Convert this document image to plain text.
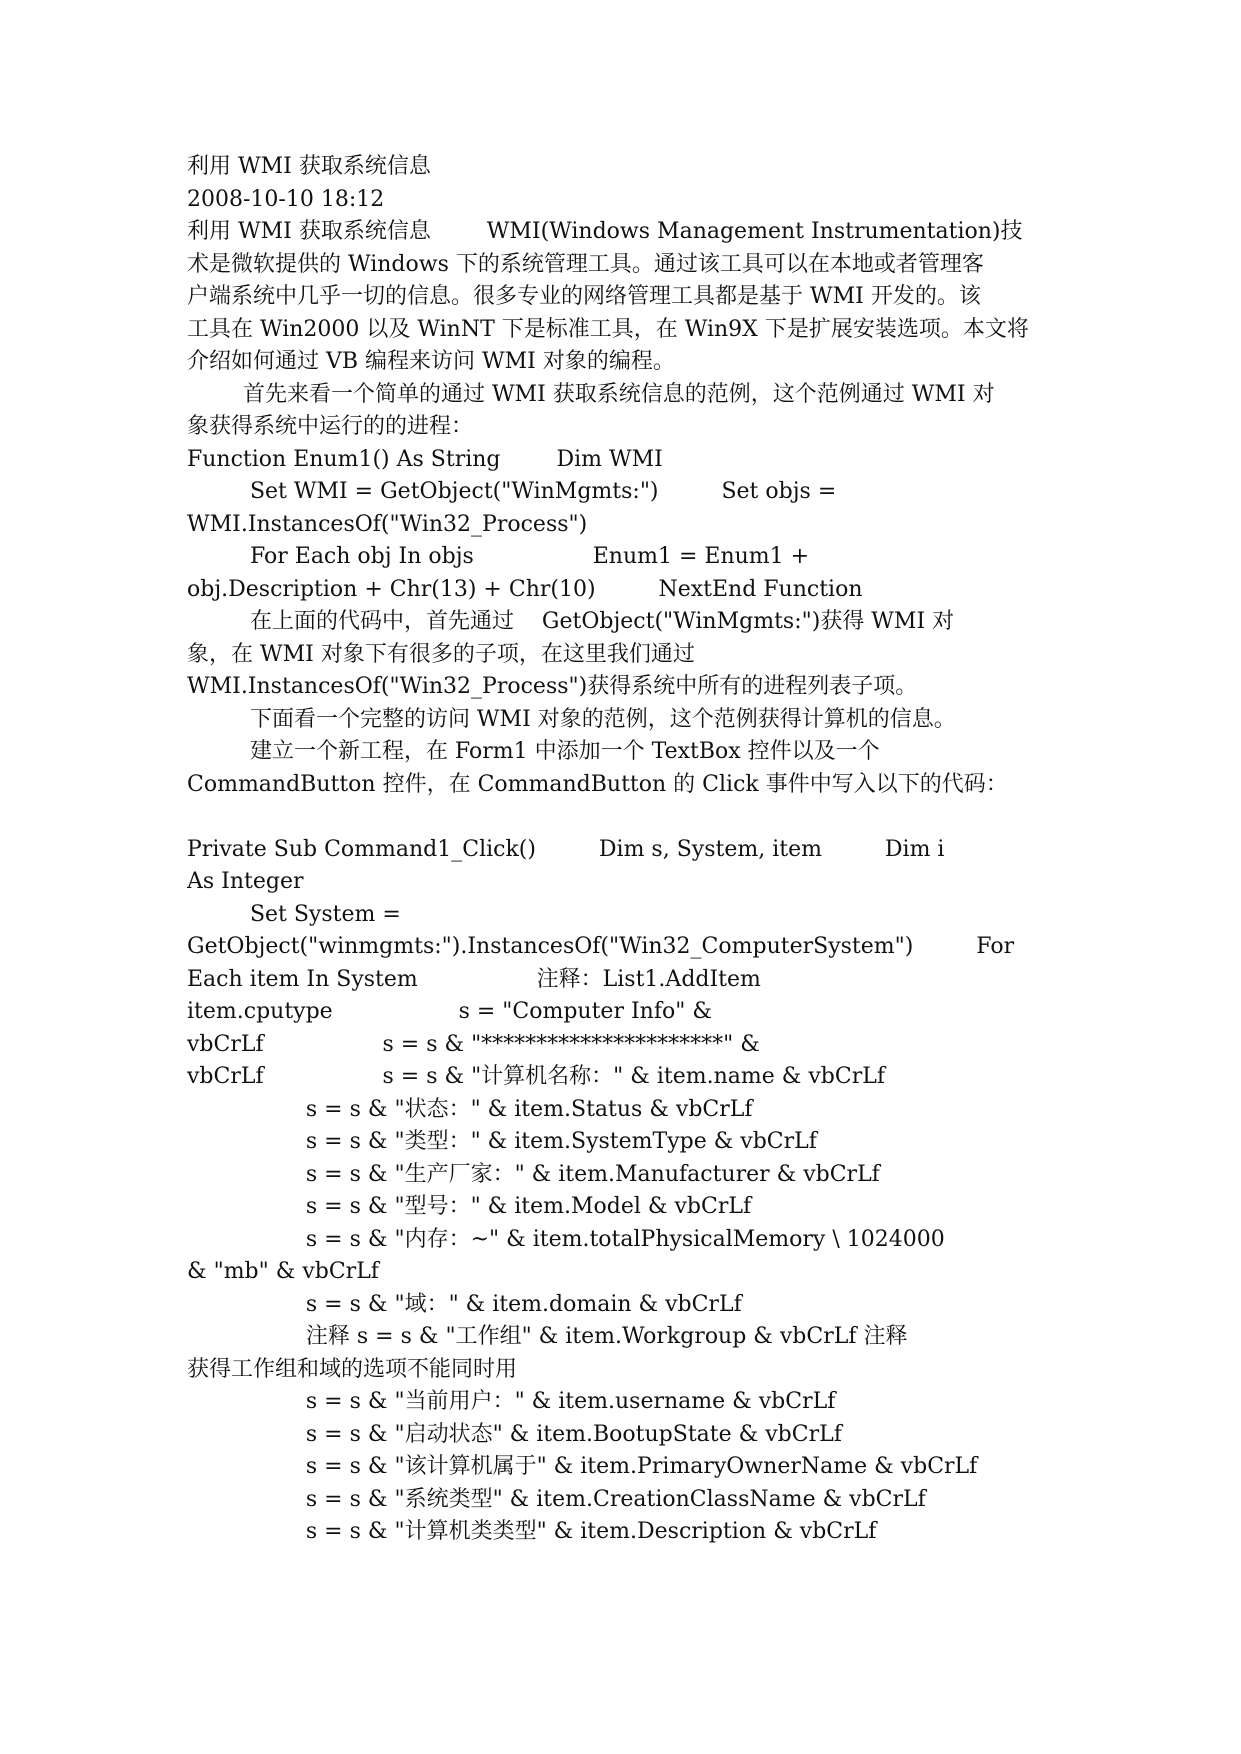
利用 WMI 获取系统信息
2008-10-10 18:12
利用 WMI 获取系统信息        WMI(Windows Management Instrumentation)技
术是微软提供的 Windows 下的系统管理工具。通过该工具可以在本地或者管理客
户端系统中几乎一切的信息。很多专业的网络管理工具都是基于 WMI 开发的。该
工具在 Win2000 以及 WinNT 下是标准工具，在 Win9X 下是扩展安装选项。本文将
介绍如何通过 VB 编程来访问 WMI 对象的编程。
首先来看一个简单的通过 WMI 获取系统信息的范例，这个范例通过 WMI 对
象获得系统中运行的的进程：
Function Enum1() As String        Dim WMI
Set WMI = GetObject("WinMgmts:")         Set objs =
WMI.InstancesOf("Win32_Process")
For Each obj In objs                 Enum1 = Enum1 +
obj.Description + Chr(13) + Chr(10)         NextEnd Function
在上面的代码中，首先通过    GetObject("WinMgmts:")获得 WMI 对
象，在 WMI 对象下有很多的子项，在这里我们通过
WMI.InstancesOf("Win32_Process")获得系统中所有的进程列表子项。
下面看一个完整的访问 WMI 对象的范例，这个范例获得计算机的信息。
建立一个新工程，在 Form1 中添加一个 TextBox 控件以及一个
CommandButton 控件，在 CommandButton 的 Click 事件中写入以下的代码：
Private Sub Command1_Click()         Dim s, System, item         Dim i
As Integer
Set System =
GetObject("winmgmts:").InstancesOf("Win32_ComputerSystem")         For
Each item In System                 注释：List1.AddItem
item.cputype                  s = "Computer Info" &
vbCrLf                 s = s & "**********************" &
vbCrLf                 s = s & "计算机名称：" & item.name & vbCrLf
s = s & "状态：" & item.Status & vbCrLf
s = s & "类型：" & item.SystemType & vbCrLf
s = s & "生产厂家：" & item.Manufacturer & vbCrLf
s = s & "型号：" & item.Model & vbCrLf
s = s & "内存：~" & item.totalPhysicalMemory \ 1024000
& "mb" & vbCrLf
s = s & "域：" & item.domain & vbCrLf
注释 s = s & "工作组" & item.Workgroup & vbCrLf 注释
获得工作组和域的选项不能同时用
s = s & "当前用户：" & item.username & vbCrLf
s = s & "启动状态" & item.BootupState & vbCrLf
s = s & "该计算机属于" & item.PrimaryOwnerName & vbCrLf
s = s & "系统类型" & item.CreationClassName & vbCrLf
s = s & "计算机类类型" & item.Description & vbCrLf
